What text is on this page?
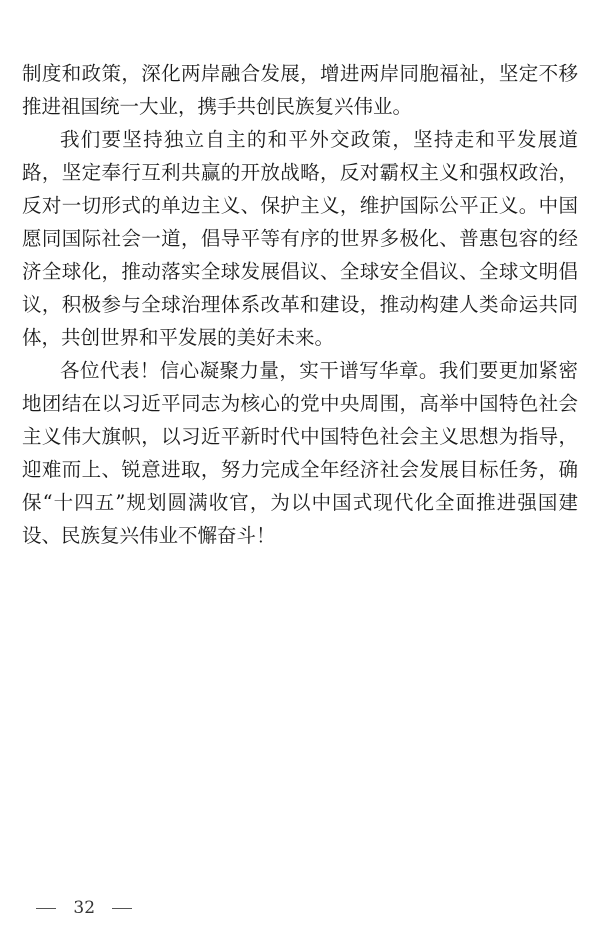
制度和政策，深化两岸融合发展，增进两岸同胞福祉，坚定不移
推进祖国统一大业，携手共创民族复兴伟业。
我们要坚持独立自主的和平外交政策，坚持走和平发展道
路，坚定奉行互利共赢的开放战略，反对霸权主义和强权政治，
反对一切形式的单边主义、保护主义，维护国际公平正义。中国
愿同国际社会一道，倡导平等有序的世界多极化、普惠包容的经
济全球化，推动落实全球发展倡议、全球安全倡议、全球文明倡
议，积极参与全球治理体系改革和建设，推动构建人类命运共同
体，共创世界和平发展的美好未来。
各位代表！信心凝聚力量，实干谱写华章。我们要更加紧密
地团结在以习近平同志为核心的党中央周围，高举中国特色社会
主义伟大旗帜，以习近平新时代中国特色社会主义思想为指导，
迎难而上、锐意进取，努力完成全年经济社会发展目标任务，确
保“十四五”规划圆满收官，为以中国式现代化全面推进强国建
设、民族复兴伟业不懈奋斗！
32
